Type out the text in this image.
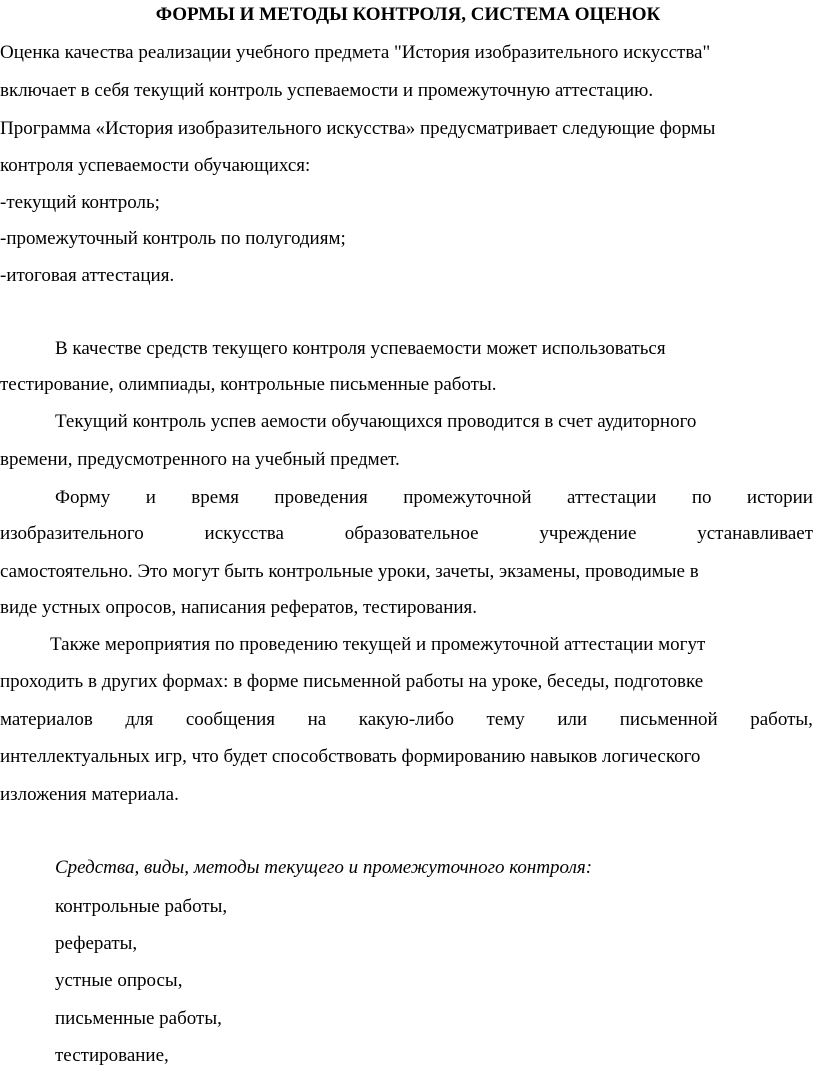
ФОРМЫ И МЕТОДЫ КОНТРОЛЯ, СИСТЕМА ОЦЕНОК
Оценка качества реализации учебного предмета "История изобразительного искусства"
включает в себя текущий контроль успеваемости и промежуточную аттестацию.
Программа «История изобразительного искусства» предусматривает следующие формы
контроля успеваемости обучающихся:
-текущий контроль;
-промежуточный контроль по полугодиям;
-итоговая аттестация.
В качестве средств текущего контроля успеваемости может использоваться
тестирование, олимпиады, контрольные письменные работы.
Текущий контроль успев аемости обучающихся проводится в счет аудиторного
времени, предусмотренного на учебный предмет.
Форму и время проведения промежуточной аттестации по истории
изобразительного	искусства	образовательное	учреждение	устанавливает
самостоятельно. Это могут быть контрольные уроки, зачеты, экзамены, проводимые в
виде устных опросов, написания рефератов, тестирования.
Также мероприятия по проведению текущей и промежуточной аттестации могут
проходить в других формах: в форме письменной работы на уроке, беседы, подготовке
материалов для сообщения на какую-либо тему или письменной работы,
интеллектуальных игр, что будет способствовать формированию навыков логического
изложения материала.
Средства, виды, методы текущего и промежуточного контроля:
контрольные работы,
рефераты,
устные опросы,
письменные работы,
тестирование,
